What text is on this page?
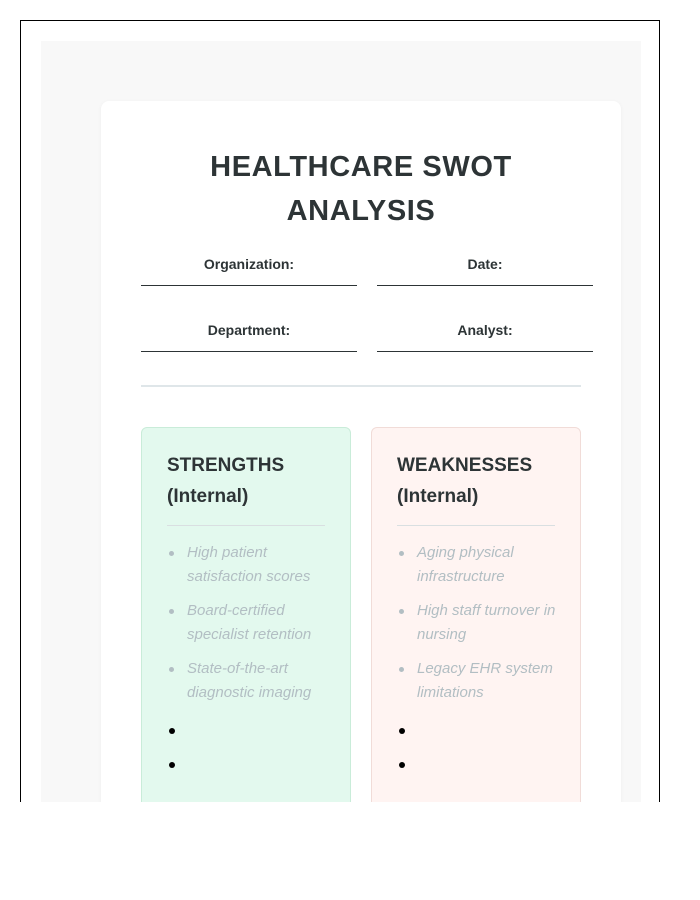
HEALTHCARE SWOT
ANALYSIS
Organization:	Date:
Department:	Analyst:
STRENGTHS
(Internal)
High patient satisfaction scores
Board-certified specialist retention
State-of-the-art diagnostic imaging
WEAKNESSES
(Internal)
Aging physical infrastructure
High staff turnover in nursing
Legacy EHR system limitations
